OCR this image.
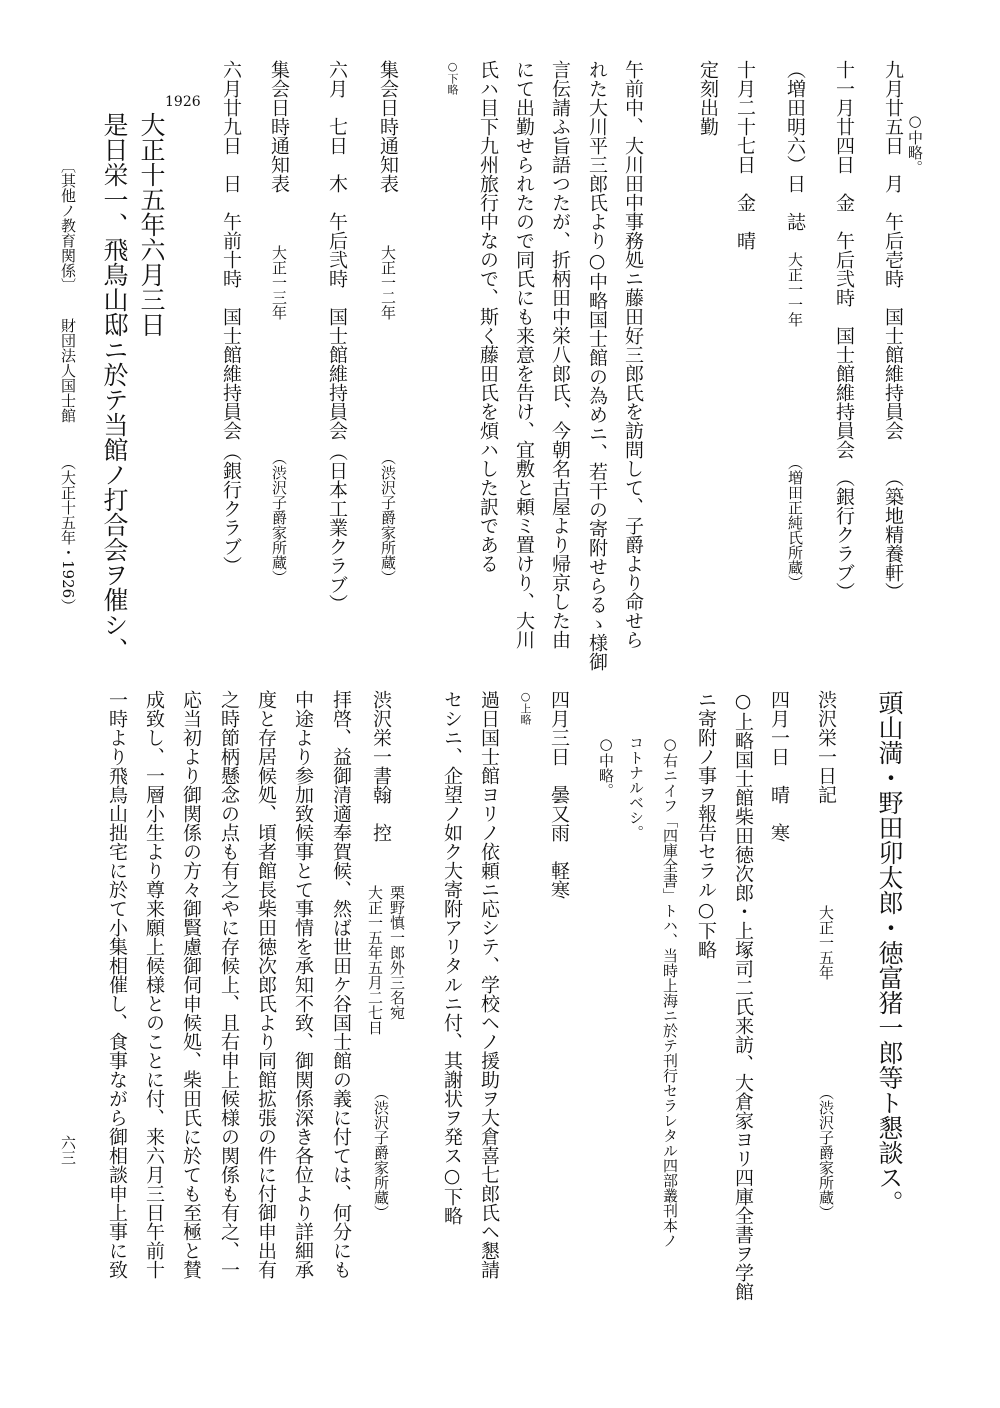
九月廿五日　月　午后壱時　国士館維持員会
（築地精養軒）
○中略。
十一月廿四日　金　午后弐時　国士館維持員会
（銀行クラブ）
（増田明六）日　誌
大正一一年
（増田正純氏所蔵）
十月二十七日　金　晴
定刻出勤
午前中、大川田中事務処ニ藤田好三郎氏を訪問して、子爵より命せら
れた大川平三郎氏より○中略国士館の為めニ、若干の寄附せらるゝ様御
言伝請ふ旨語つたが、折柄田中栄八郎氏、今朝名古屋より帰京した由
にて出勤せられたので同氏にも来意を告け、宜敷と頼ミ置けり、大川
氏ハ目下九州旅行中なので、斯く藤田氏を煩ハした訳である
○下略
集会日時通知表
大正一二年
（渋沢子爵家所蔵）
六月　七日　木　午后弐時　国士館維持員会
（日本工業クラブ）
集会日時通知表
大正一三年
（渋沢子爵家所蔵）
六月廿九日　日　午前十時　国士館維持員会
（銀行クラブ）
1926
大正十五年六月三日
是日栄一、飛鳥山邸ニ於テ当館ノ打合会ヲ催シ、
〔其他ノ教育関係〕
財団法人国士館
（大正十五年・1926）
頭山満・野田卯太郎・徳富猪一郎等ト懇談ス。
渋沢栄一日記
大正一五年
（渋沢子爵家所蔵）
四月一日　晴　寒
○上略国士館柴田徳次郎・上塚司二氏来訪、大倉家ヨリ四庫全書ヲ学館
ニ寄附ノ事ヲ報告セラル○下略
○右ニイフ「四庫全書」トハ、当時上海ニ於テ刊行セラレタル四部叢刊本ノ
コトナルベシ。
○中略。
四月三日　曇又雨　軽寒
○上略
過日国士館ヨリノ依頼ニ応シテ、学校ヘノ援助ヲ大倉喜七郎氏ヘ懇請
セシニ、企望ノ如ク大寄附アリタルニ付、其謝状ヲ発ス○下略
渋沢栄一書翰　控
栗野慎一郎外三名宛
大正一五年五月二七日
（渋沢子爵家所蔵）
拝啓、益御清適奉賀候、然ば世田ケ谷国士館の義に付ては、何分にも
中途より参加致候事とて事情を承知不致、御関係深き各位より詳細承
度と存居候処、頃者館長柴田徳次郎氏より同館拡張の件に付御申出有
之時節柄懸念の点も有之やに存候上、且右申上候様の関係も有之、一
応当初より御関係の方々御賢慮御伺申候処、柴田氏に於ても至極と賛
成致し、一層小生より尊来願上候様とのことに付、来六月三日午前十
一時より飛鳥山拙宅に於て小集相催し、食事ながら御相談申上事に致
六三
